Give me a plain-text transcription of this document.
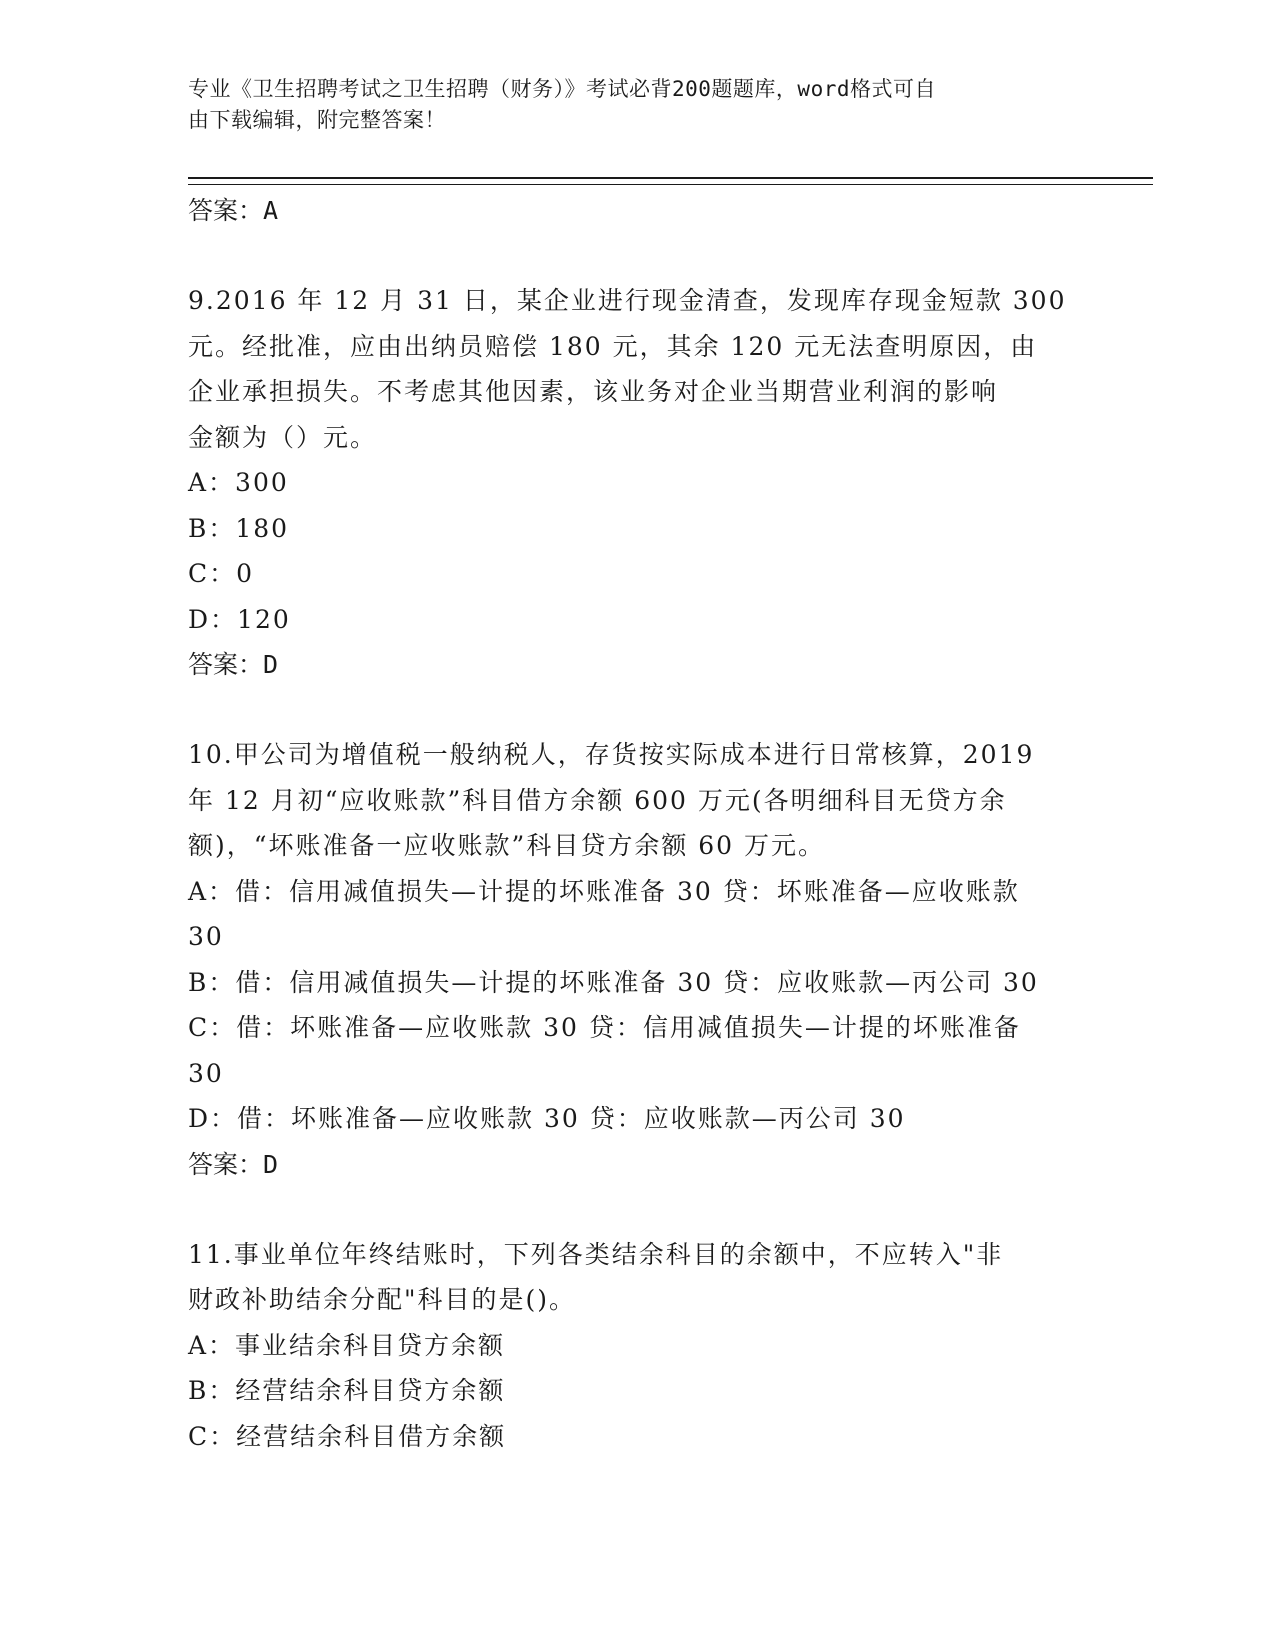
专业《卫生招聘考试之卫生招聘（财务）》考试必背200题题库，word格式可自
由下载编辑，附完整答案！

答案：A

9.2016 年 12 月 31 日，某企业进行现金清查，发现库存现金短款 300

元。经批准，应由出纳员赔偿 180 元，其余 120 元无法查明原因，由

企业承担损失。不考虑其他因素，该业务对企业当期营业利润的影响

金额为（）元。

A：300

B：180

C：0

D：120

答案：D

10.甲公司为增值税一般纳税人，存货按实际成本进行日常核算，2019

年 12 月初“应收账款”科目借方余额 600 万元(各明细科目无贷方余

额)，“坏账准备一应收账款”科目贷方余额 60 万元。

A：借：信用减值损失—计提的坏账准备 30 贷：坏账准备—应收账款

30

B：借：信用减值损失—计提的坏账准备 30 贷：应收账款—丙公司 30

C：借：坏账准备—应收账款 30 贷：信用减值损失—计提的坏账准备

30

D：借：坏账准备—应收账款 30 贷：应收账款—丙公司 30

答案：D

11.事业单位年终结账时，下列各类结余科目的余额中，不应转入"非

财政补助结余分配"科目的是()。

A：事业结余科目贷方余额

B：经营结余科目贷方余额

C：经营结余科目借方余额
